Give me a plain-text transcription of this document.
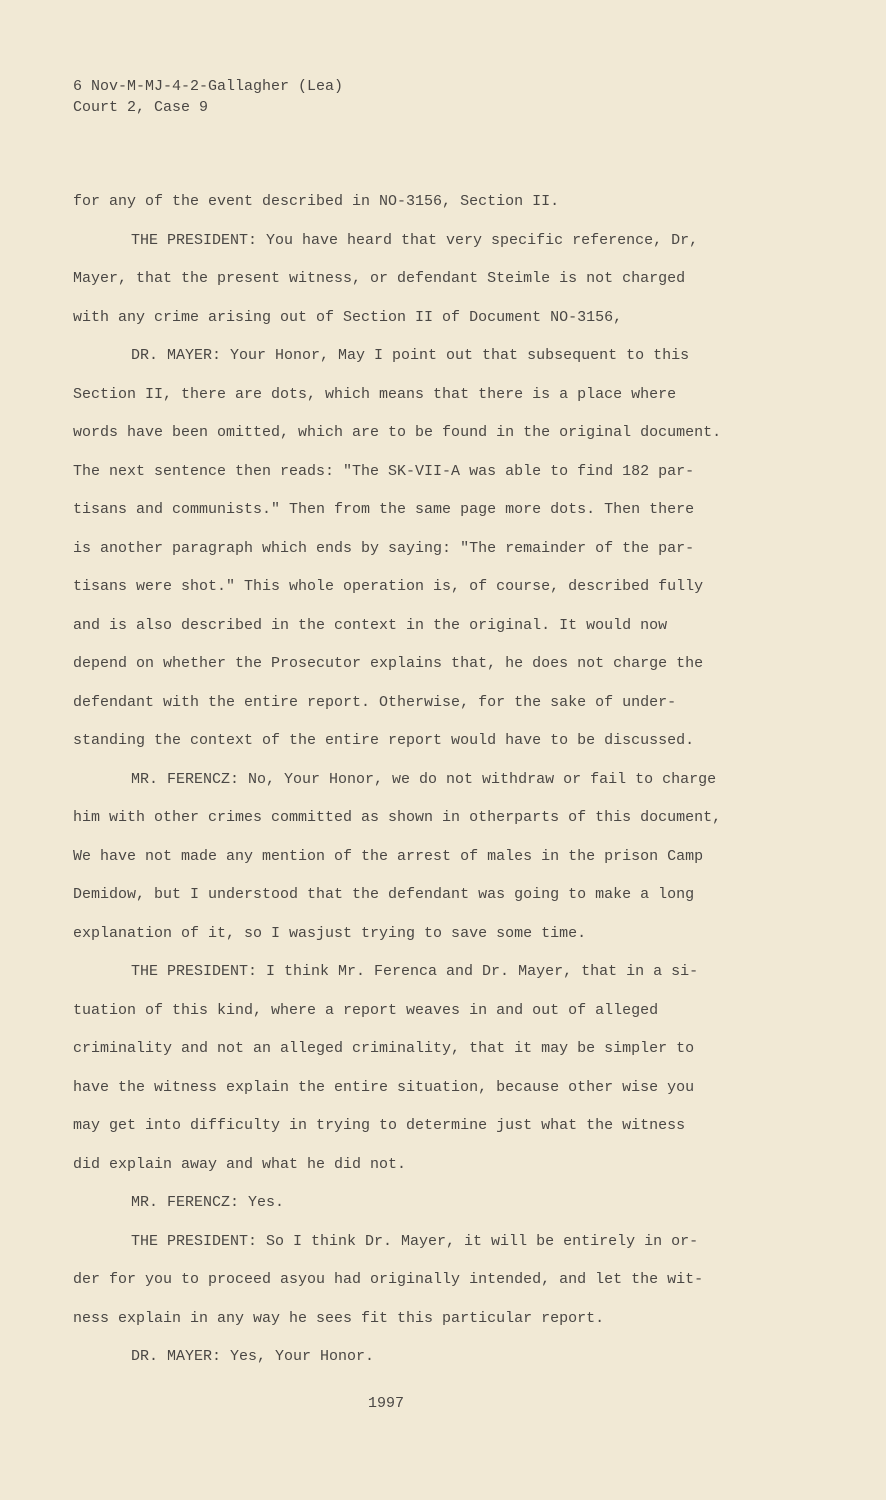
6 Nov-M-MJ-4-2-Gallagher (Lea)
Court 2, Case 9
for any of the event described in NO-3156, Section II.
THE PRESIDENT: You have heard that very specific reference, Dr,
Mayer, that the present witness, or defendant Steimle is not charged
with any crime arising out of Section II of Document NO-3156,
DR. MAYER: Your Honor, May I point out that subsequent to this
Section II, there are dots, which means that there is a place where
words have been omitted, which are to be found in the original document.
The next sentence then reads: "The SK-VII-A was able to find 182 par-
tisans and communists." Then from the same page more dots. Then there
is another paragraph which ends by saying: "The remainder of the par-
tisans were shot." This whole operation is, of course, described fully
and is also described in the context in the original. It would now
depend on whether the Prosecutor explains that, he does not charge the
defendant with the entire report. Otherwise, for the sake of under-
standing the context of the entire report would have to be discussed.
MR. FERENCZ: No, Your Honor, we do not withdraw or fail to charge
him with other crimes committed as shown in otherparts of this document,
We have not made any mention of the arrest of males in the prison Camp
Demidow, but I understood that the defendant was going to make a long
explanation of it, so I wasjust trying to save some time.
THE PRESIDENT: I think Mr. Ferenca and Dr. Mayer, that in a si-
tuation of this kind, where a report weaves in and out of alleged
criminality and not an alleged criminality, that it may be simpler to
have the witness explain the entire situation, because other wise you
may get into difficulty in trying to determine just what the witness
did explain away and what he did not.
MR. FERENCZ: Yes.
THE PRESIDENT: So I think Dr. Mayer, it will be entirely in or-
der for you to proceed asyou had originally intended, and let the wit-
ness explain in any way he sees fit this particular report.
DR. MAYER: Yes, Your Honor.
1997
